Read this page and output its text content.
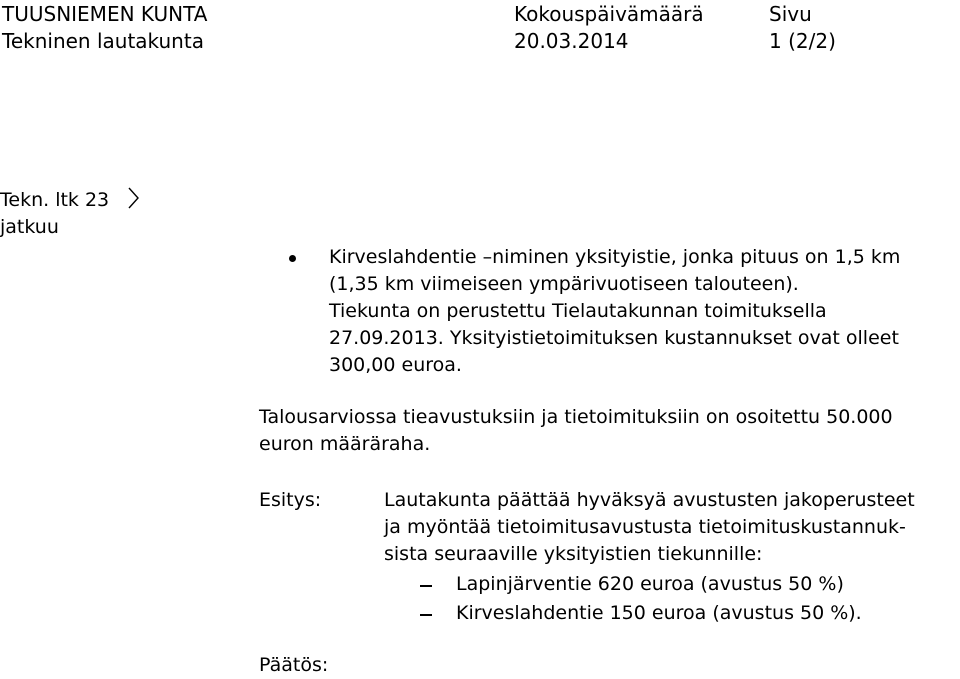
TUUSNIEMEN KUNTA
Tekninen lautakunta
Kokouspäivämäärä
20.03.2014
Sivu
1 (2/2)
Tekn. ltk 23
jatkuu
Kirveslahdentie –niminen yksityistie, jonka pituus on 1,5 km
(1,35 km viimeiseen ympärivuotiseen talouteen).
Tiekunta on perustettu Tielautakunnan toimituksella
27.09.2013. Yksityistietoimituksen kustannukset ovat olleet
300,00 euroa.
Talousarviossa tieavustuksiin ja tietoimituksiin on osoitettu 50.000
euron määräraha.
Esitys:	Lautakunta päättää hyväksyä avustusten jakoperusteet
ja myöntää tietoimitusavustusta tietoimituskustannuk-
sista seuraaville yksityistien tiekunnille:
Lapinjärventie 620 euroa (avustus 50 %)
Kirveslahdentie 150 euroa (avustus 50 %).
Päätös:
